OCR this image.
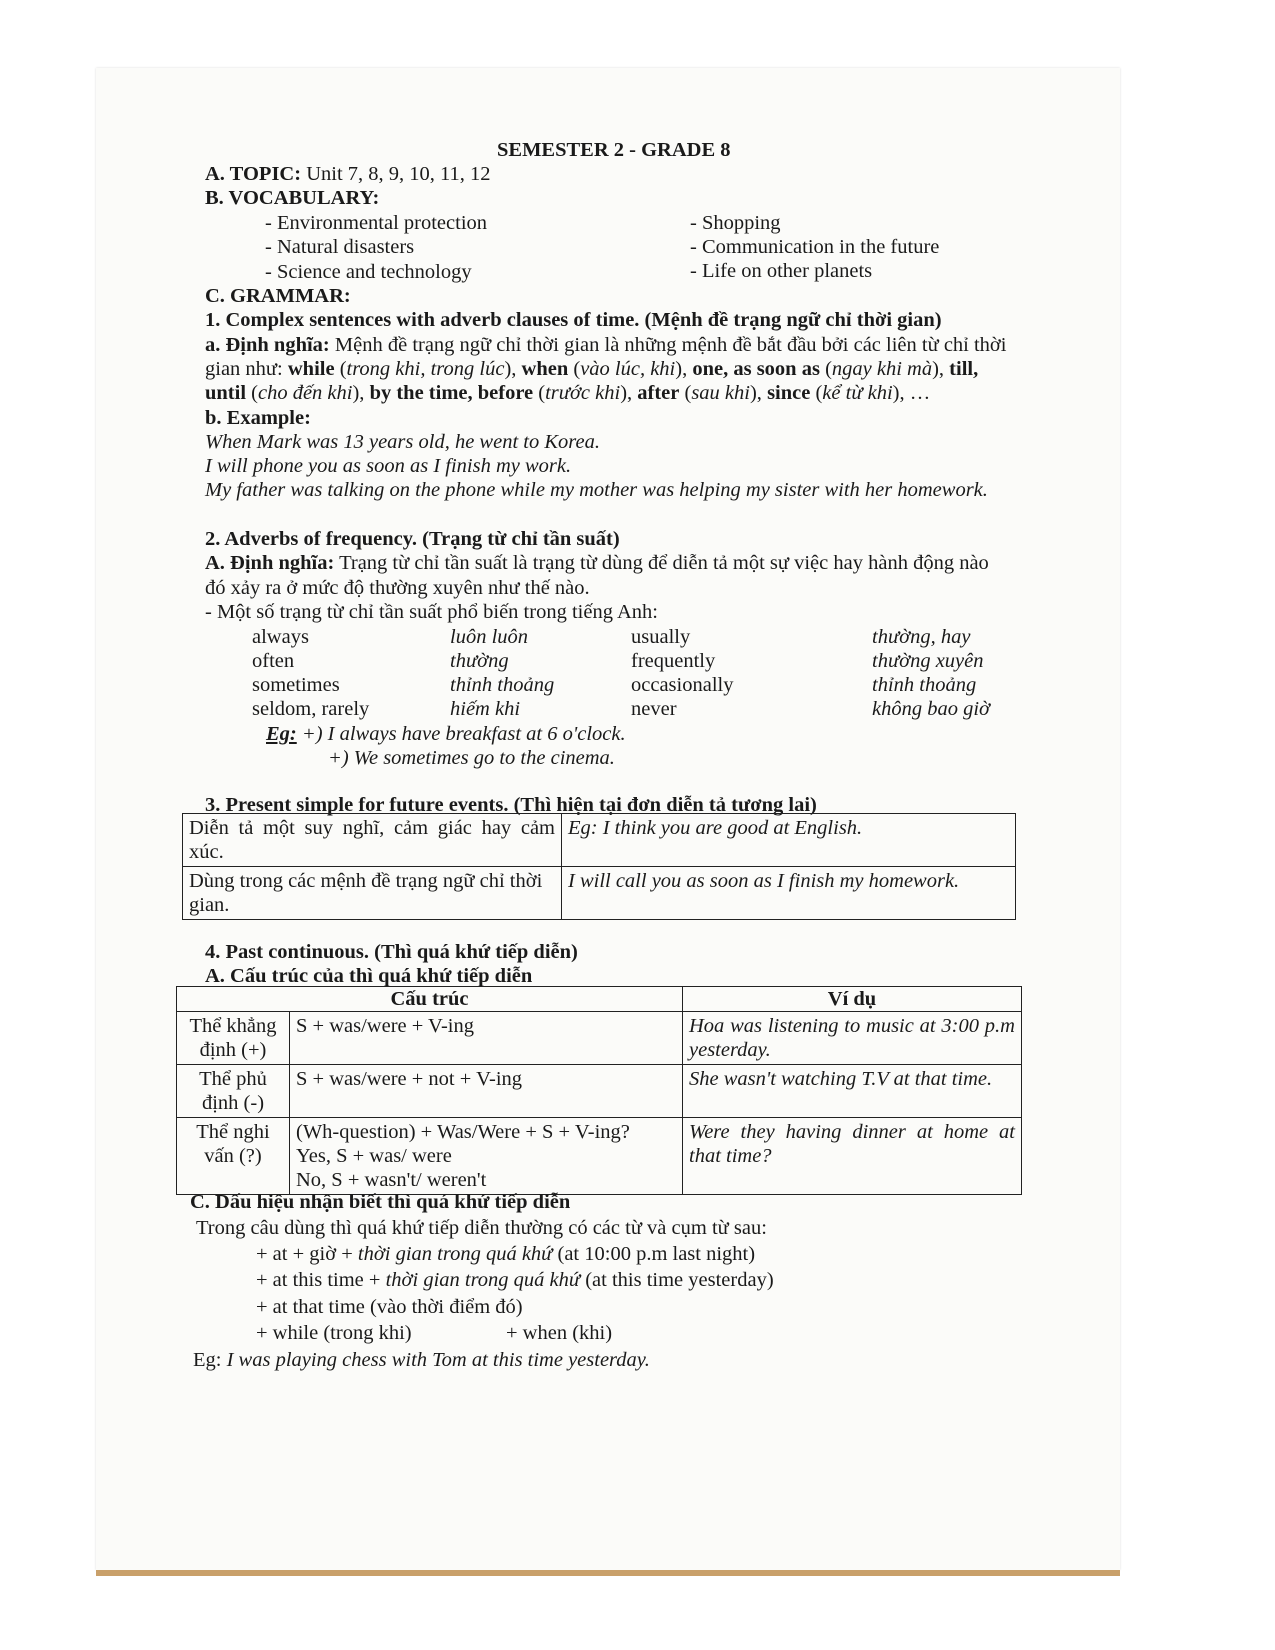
SEMESTER 2 - GRADE 8
A. TOPIC: Unit 7, 8, 9, 10, 11, 12
B. VOCABULARY:
- Environmental protection
- Natural disasters
- Science and technology
- Shopping
- Communication in the future
- Life on other planets
C. GRAMMAR:
1. Complex sentences with adverb clauses of time. (Mệnh đề trạng ngữ chỉ thời gian)
a. Định nghĩa: Mệnh đề trạng ngữ chỉ thời gian là những mệnh đề bắt đầu bởi các liên từ chỉ thời
gian như: while (trong khi, trong lúc), when (vào lúc, khi), one, as soon as (ngay khi mà), till,
until (cho đến khi), by the time, before (trước khi), after (sau khi), since (kể từ khi), …
b. Example:
When Mark was 13 years old, he went to Korea.
I will phone you as soon as I finish my work.
My father was talking on the phone while my mother was helping my sister with her homework.
2. Adverbs of frequency. (Trạng từ chỉ tần suất)
A. Định nghĩa: Trạng từ chỉ tần suất là trạng từ dùng để diễn tả một sự việc hay hành động nào
đó xảy ra ở mức độ thường xuyên như thế nào.
- Một số trạng từ chỉ tần suất phổ biến trong tiếng Anh:
always	luôn luôn	usually	thường, hay
often	thường	frequently	thường xuyên
sometimes	thỉnh thoảng	occasionally	thỉnh thoảng
seldom, rarely	hiếm khi	never	không bao giờ
Eg: +) I always have breakfast at 6 o'clock.
+) We sometimes go to the cinema.
3. Present simple for future events. (Thì hiện tại đơn diễn tả tương lai)
Diễn tả một suy nghĩ, cảm giác hay cảm xúc.	Eg: I think you are good at English.
Dùng trong các mệnh đề trạng ngữ chỉ thời gian.	I will call you as soon as I finish my homework.
4. Past continuous. (Thì quá khứ tiếp diễn)
A. Cấu trúc của thì quá khứ tiếp diễn
Cấu trúc		Ví dụ
Thể khẳng định (+)	S + was/were + V-ing	Hoa was listening to music at 3:00 p.m yesterday.
Thể phủ định (-)	S + was/were + not + V-ing	She wasn't watching T.V at that time.
Thể nghi vấn (?)	(Wh-question) + Was/Were + S + V-ing?
Yes, S + was/ were
No, S + wasn't/ weren't	Were they having dinner at home at that time?
C. Dấu hiệu nhận biết thì quá khứ tiếp diễn
Trong câu dùng thì quá khứ tiếp diễn thường có các từ và cụm từ sau:
+ at + giờ + thời gian trong quá khứ (at 10:00 p.m last night)
+ at this time + thời gian trong quá khứ (at this time yesterday)
+ at that time (vào thời điểm đó)
+ while (trong khi)	+ when (khi)
Eg: I was playing chess with Tom at this time yesterday.
